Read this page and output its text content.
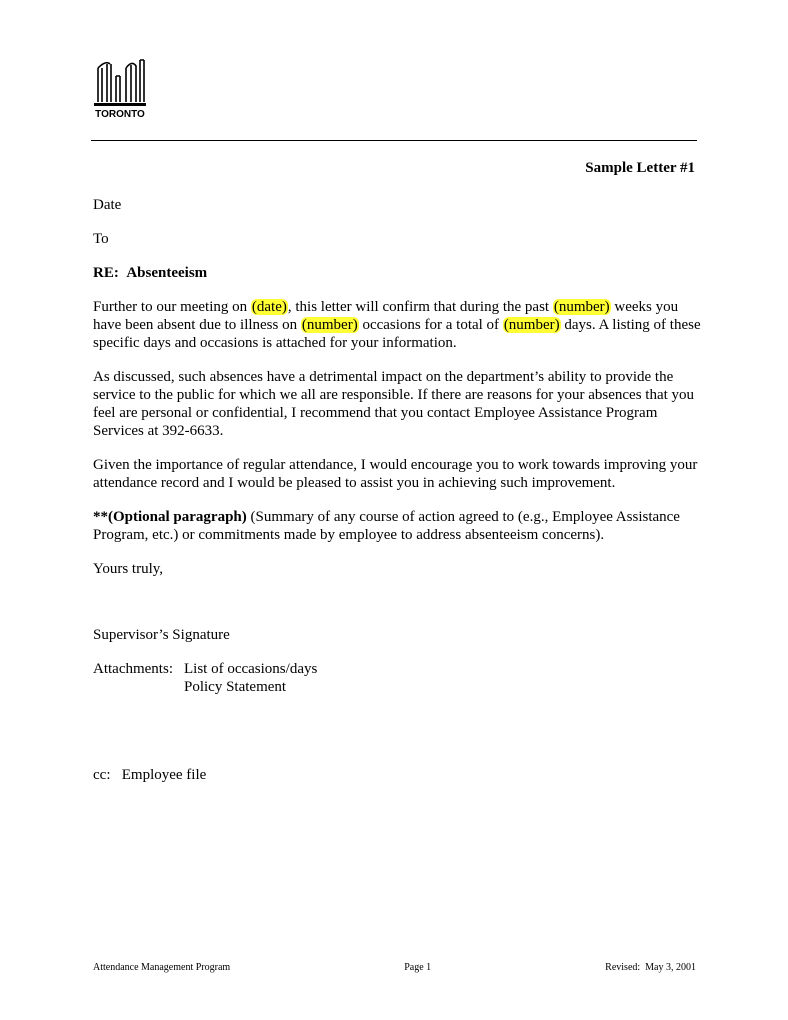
TORONTO
Sample Letter #1

Date

To

RE: Absenteeism

Further to our meeting on (date), this letter will confirm that during the past (number) weeks you have been absent due to illness on (number) occasions for a total of (number) days. A listing of these specific days and occasions is attached for your information.

As discussed, such absences have a detrimental impact on the department’s ability to provide the service to the public for which we all are responsible. If there are reasons for your absences that you feel are personal or confidential, I recommend that you contact Employee Assistance Program Services at 392-6633.

Given the importance of regular attendance, I would encourage you to work towards improving your attendance record and I would be pleased to assist you in achieving such improvement.

**(Optional paragraph) (Summary of any course of action agreed to (e.g., Employee Assistance Program, etc.) or commitments made by employee to address absenteeism concerns).

Yours truly,

Supervisor’s Signature

Attachments: List of occasions/days
Policy Statement

cc:   Employee file

Attendance Management Program	Page 1	Revised:  May 3, 2001
